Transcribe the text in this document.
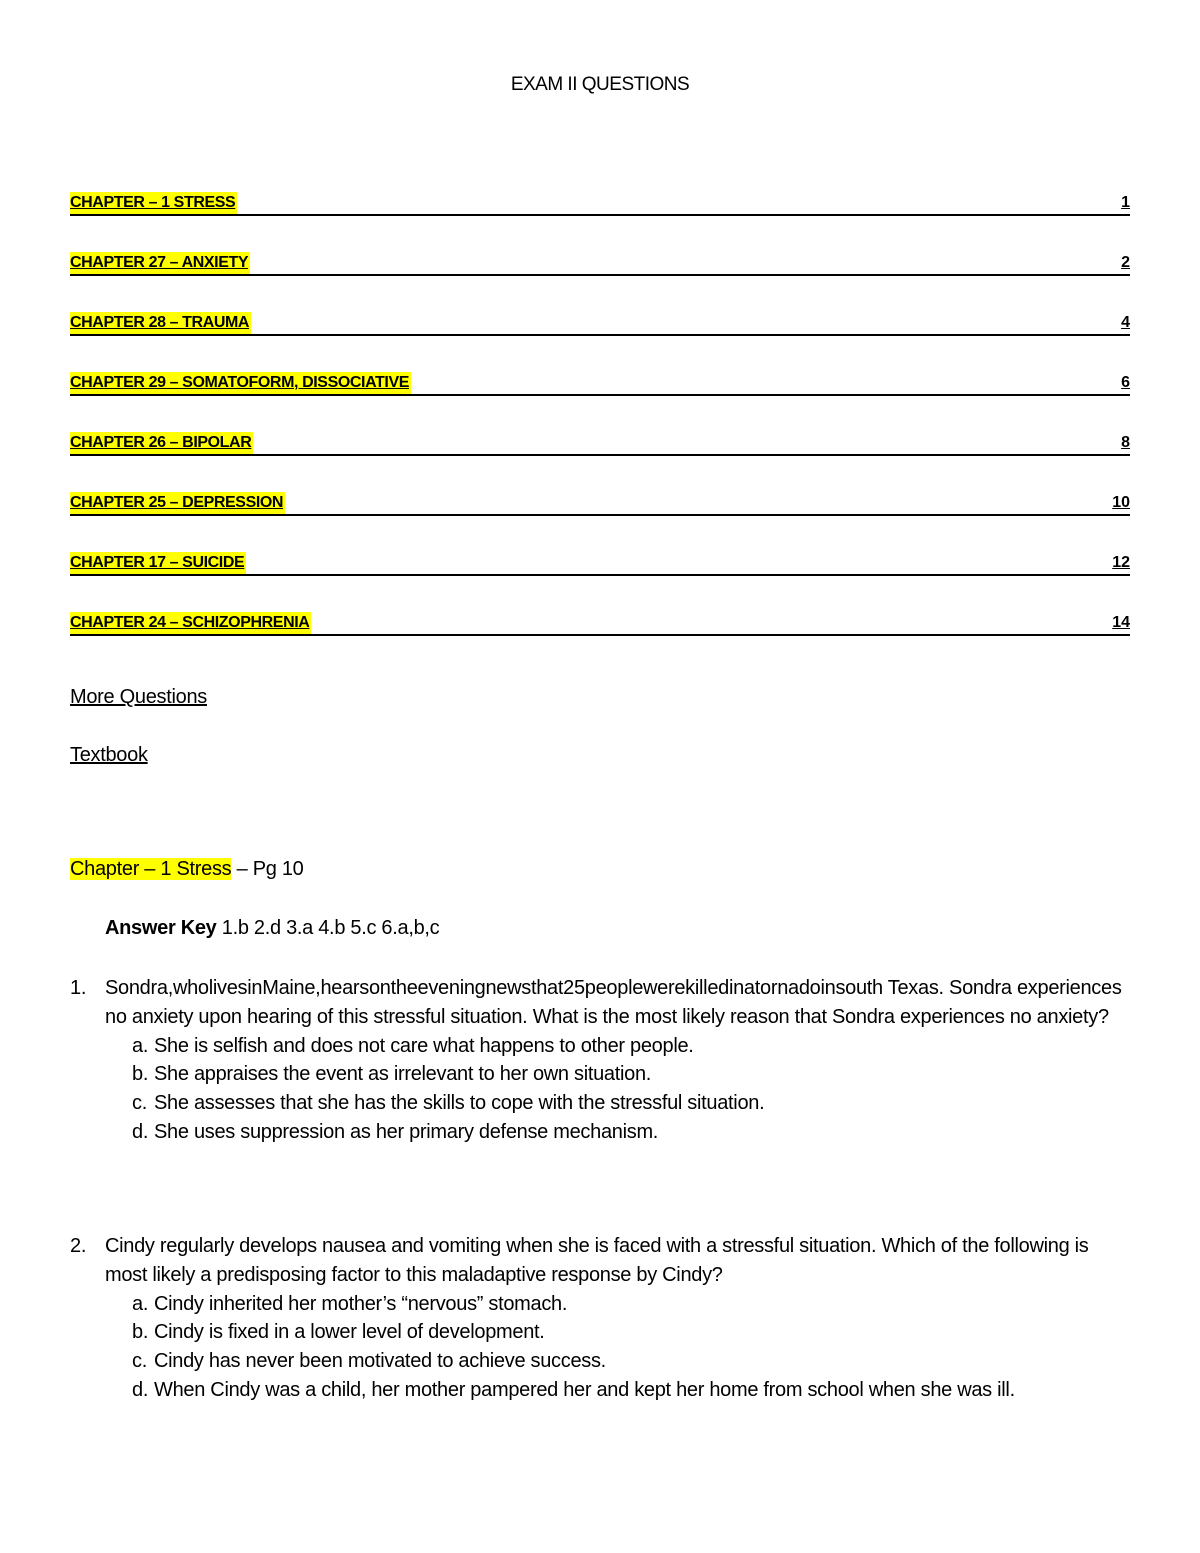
EXAM II QUESTIONS
CHAPTER – 1 STRESS	1
CHAPTER 27 – ANXIETY	2
CHAPTER 28 – TRAUMA	4
CHAPTER 29 – SOMATOFORM, DISSOCIATIVE	6
CHAPTER 26 – BIPOLAR	8
CHAPTER 25 – DEPRESSION	10
CHAPTER 17 – SUICIDE	12
CHAPTER 24 – SCHIZOPHRENIA	14
More Questions
Textbook
Chapter – 1 Stress – Pg 10
Answer Key 1.b 2.d 3.a 4.b 5.c 6.a,b,c
1. Sondra,wholivesinMaine,hearsontheeveningnewsthat25peoplewerekilledinatornadoinsouth Texas. Sondra experiences no anxiety upon hearing of this stressful situation. What is the most likely reason that Sondra experiences no anxiety?
a. She is selfish and does not care what happens to other people.
b. She appraises the event as irrelevant to her own situation.
c. She assesses that she has the skills to cope with the stressful situation.
d. She uses suppression as her primary defense mechanism.
2. Cindy regularly develops nausea and vomiting when she is faced with a stressful situation. Which of the following is most likely a predisposing factor to this maladaptive response by Cindy?
a. Cindy inherited her mother’s “nervous” stomach.
b. Cindy is fixed in a lower level of development.
c. Cindy has never been motivated to achieve success.
d. When Cindy was a child, her mother pampered her and kept her home from school when she was ill.
